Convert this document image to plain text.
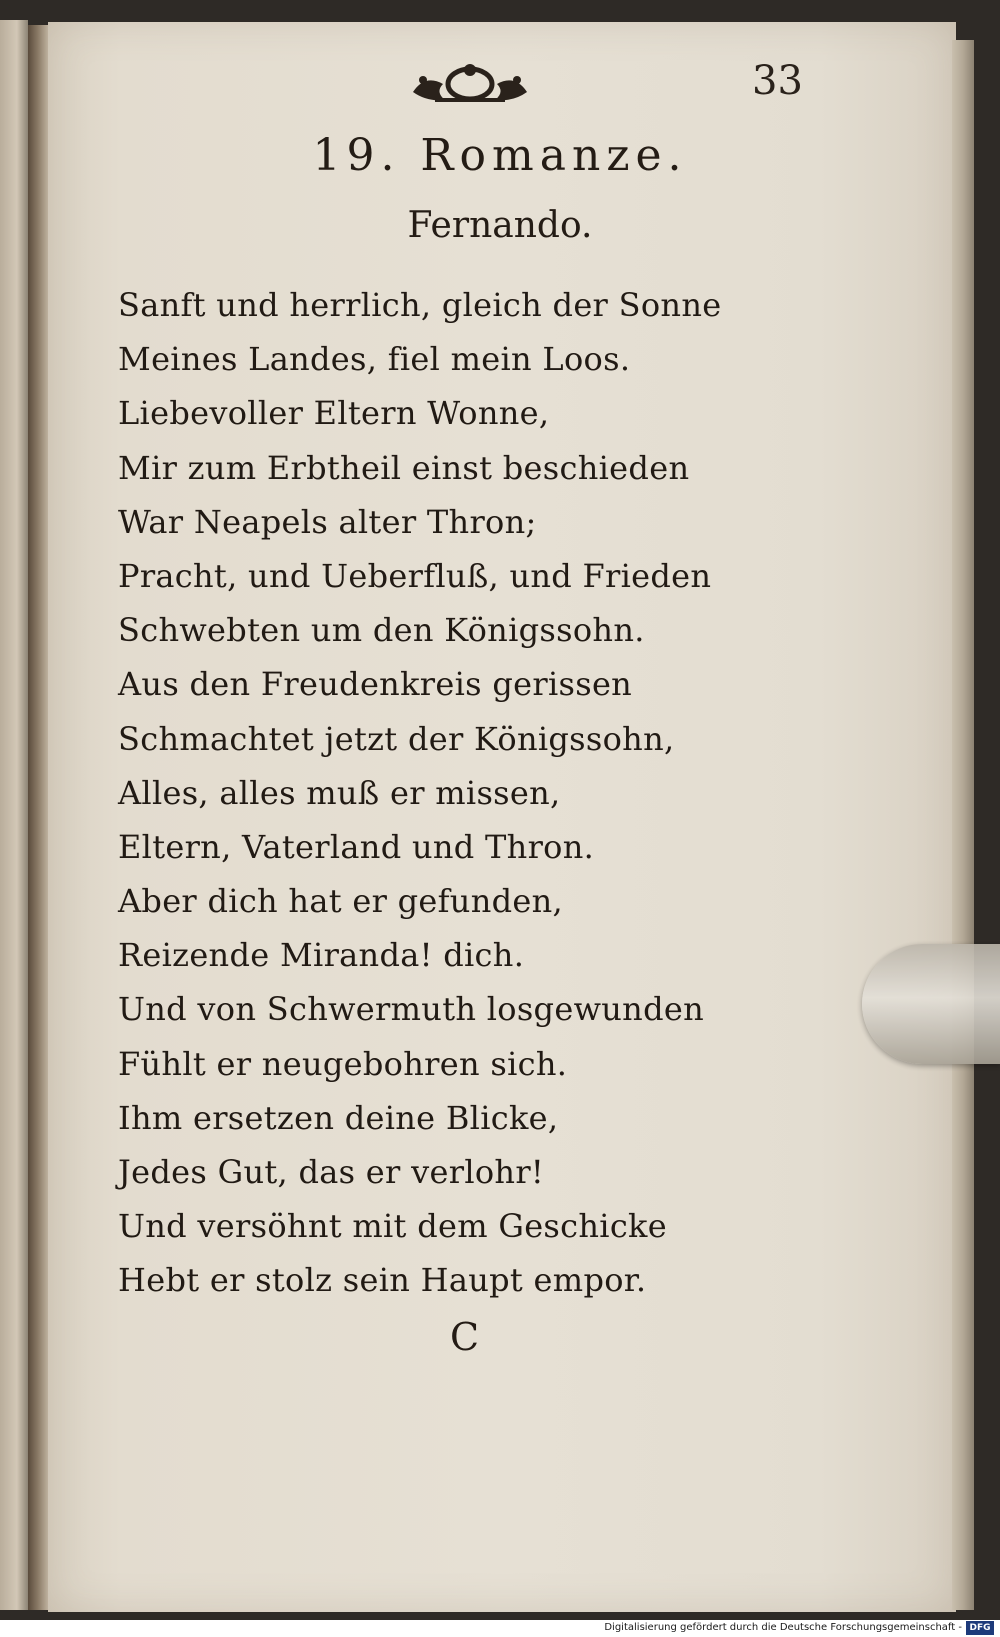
33
19. Romanze.
Fernando.
Sanft und herrlich, gleich der Sonne
Meines Landes, fiel mein Loos.
Liebevoller Eltern Wonne,
Mir zum Erbtheil einst beschieden
War Neapels alter Thron;
Pracht, und Ueberfluß, und Frieden
Schwebten um den Königssohn.
Aus den Freudenkreis gerissen
Schmachtet jetzt der Königssohn,
Alles, alles muß er missen,
Eltern, Vaterland und Thron.
Aber dich hat er gefunden,
Reizende Miranda! dich.
Und von Schwermuth losgewunden
Fühlt er neugebohren sich.
Ihm ersetzen deine Blicke,
Jedes Gut, das er verlohr!
Und versöhnt mit dem Geschicke
Hebt er stolz sein Haupt empor.
C
Digitalisierung gefördert durch die Deutsche Forschungsgemeinschaft - DFG
